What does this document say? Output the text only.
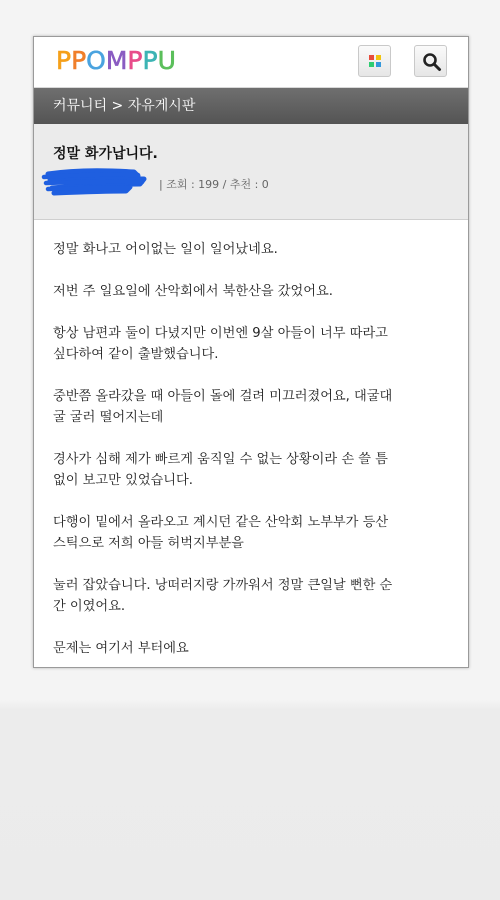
PPOMPPU
커뮤니티 > 자유게시판
정말 화가납니다.
| 조회 : 199 / 추천 : 0

정말 화나고 어이없는 일이 일어났네요.

저번 주 일요일에 산악회에서 북한산을 갔었어요.

항상 남편과 둘이 다녔지만 이번엔 9살 아들이 너무 따라고
싶다하여 같이 출발했습니다.

중반쯤 올라갔을 때 아들이 돌에 걸려 미끄러졌어요, 대굴대
굴 굴러 떨어지는데

경사가 심해 제가 빠르게 움직일 수 없는 상황이라 손 쓸 틈
없이 보고만 있었습니다.

다행이 밑에서 올라오고 계시던 같은 산악회 노부부가 등산
스틱으로 저희 아들 허벅지부분을

눌러 잡았습니다. 낭떠러지랑 가까워서 정말 큰일날 뻔한 순
간 이였어요.

문제는 여기서 부터에요
